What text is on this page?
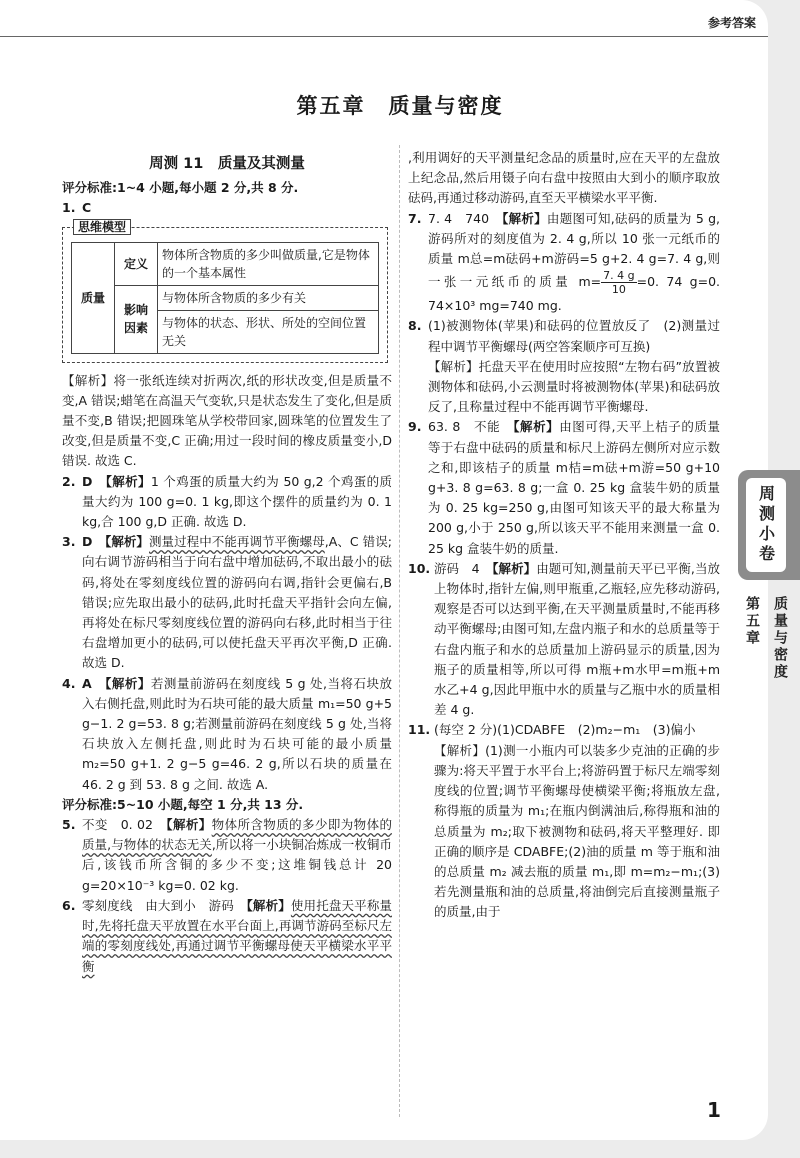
参考答案
第五章　质量与密度
周测 11　质量及其测量

评分标准:1~4 小题,每小题 2 分,共 8 分.

1. C
思维模型
质量	定义	物体所含物质的多少叫做质量,它是物体的一个基本属性
	影响因素	与物体所含物质的多少有关
		与物体的状态、形状、所处的空间位置无关

【解析】将一张纸连续对折两次,纸的形状改变,但是质量不变,A 错误;蜡笔在高温天气变软,只是状态发生了变化,但是质量不变,B 错误;把圆珠笔从学校带回家,圆珠笔的位置发生了改变,但是质量不变,C 正确;用过一段时间的橡皮质量变小,D 错误. 故选 C.

2. D　 【解析】1 个鸡蛋的质量大约为 50 g,2 个鸡蛋的质量大约为 100 g=0. 1 kg,即这个摆件的质量约为 0. 1 kg,合 100 g,D 正确. 故选 D.
3. D　 【解析】测量过程中不能再调节平衡螺母,A、C 错误;向右调节游码相当于向右盘中增加砝码,不取出最小的砝码,将处在零刻度线位置的游码向右调,指针会更偏右,B 错误;应先取出最小的砝码,此时托盘天平指针会向左偏,再将处在标尺零刻度线位置的游码向右移,此时相当于往右盘增加更小的砝码,可以使托盘天平再次平衡,D 正确. 故选 D.
4. A　 【解析】若测量前游码在刻度线 5 g 处,当将石块放入右侧托盘,则此时为石块可能的最大质量 m₁=50 g+5 g−1. 2 g=53. 8 g;若测量前游码在刻度线 5 g 处,当将石块放入左侧托盘,则此时为石块可能的最小质量 m₂=50 g+1. 2 g−5 g=46. 2 g,所以石块的质量在 46. 2 g 到 53. 8 g 之间. 故选 A.

评分标准:5~10 小题,每空 1 分,共 13 分.

5. 不变　0. 02　 【解析】物体所含物质的多少即为物体的质量,与物体的状态无关,所以将一小块铜冶炼成一枚铜币后,该钱币所含铜的多少不变;这堆铜钱总计 20 g=20×10⁻³ kg=0. 02 kg.
6. 零刻度线　由大到小　游码　 【解析】使用托盘天平称量时,先将托盘天平放置在水平台面上,再调节游码至标尺左端的零刻度线处,再通过调节平衡螺母使天平横梁水平平衡

,利用调好的天平测量纪念品的质量时,应在天平的左盘放上纪念品,然后用镊子向右盘中按照由大到小的顺序取放砝码,再通过移动游码,直至天平横梁水平平衡.

7. 7. 4　740　 【解析】由题图可知,砝码的质量为 5 g,游码所对的刻度值为 2. 4 g,所以 10 张一元纸币的质量 m总=m砝码+m游码=5 g+2. 4 g=7. 4 g,则一张一元纸币的质量 $m= \frac{7. 4 g}{10} =0$. 74 g=0. 74×10³ mg=740 mg.
8. (1)被测物体(苹果)和砝码的位置放反了　(2)测量过程中调节平衡螺母(两空答案顺序可互换)
【解析】托盘天平在使用时应按照“左物右码”放置被测物体和砝码,小云测量时将被测物体(苹果)和砝码放反了,且称量过程中不能再调节平衡螺母.
9. 63. 8　不能　 【解析】由图可得,天平上桔子的质量等于右盘中砝码的质量和标尺上游码左侧所对应示数之和,即该桔子的质量 m桔=m砝+m游=50 g+10 g+3. 8 g=63. 8 g;一盒 0. 25 kg 盒装牛奶的质量为 0. 25 kg=250 g,由图可知该天平的最大称量为 200 g,小于 250 g,所以该天平不能用来测量一盒 0. 25 kg 盒装牛奶的质量.
10. 游码　4　 【解析】由题可知,测量前天平已平衡,当放上物体时,指针左偏,则甲瓶重,乙瓶轻,应先移动游码,观察是否可以达到平衡,在天平测量质量时,不能再移动平衡螺母;由图可知,左盘内瓶子和水的总质量等于右盘内瓶子和水的总质量加上游码显示的质量,因为瓶子的质量相等,所以可得 m瓶+m水甲=m瓶+m水乙+4 g,因此甲瓶中水的质量与乙瓶中水的质量相差 4 g.
11. (每空 2 分)(1)CDABFE　(2)m₂−m₁　(3)偏小
【解析】(1)测一小瓶内可以装多少克油的正确的步骤为:将天平置于水平台上;将游码置于标尺左端零刻度线的位置;调节平衡螺母使横梁平衡;将瓶放左盘,称得瓶的质量为 m₁;在瓶内倒满油后,称得瓶和油的总质量为 m₂;取下被测物和砝码,将天平整理好. 即正确的顺序是 CDABFE;(2)油的质量 m 等于瓶和油的总质量 m₂ 减去瓶的质量 m₁,即 m=m₂−m₁;(3)若先测量瓶和油的总质量,将油倒完后直接测量瓶子的质量,由于
1
周测小卷
第五章 质量与密度
